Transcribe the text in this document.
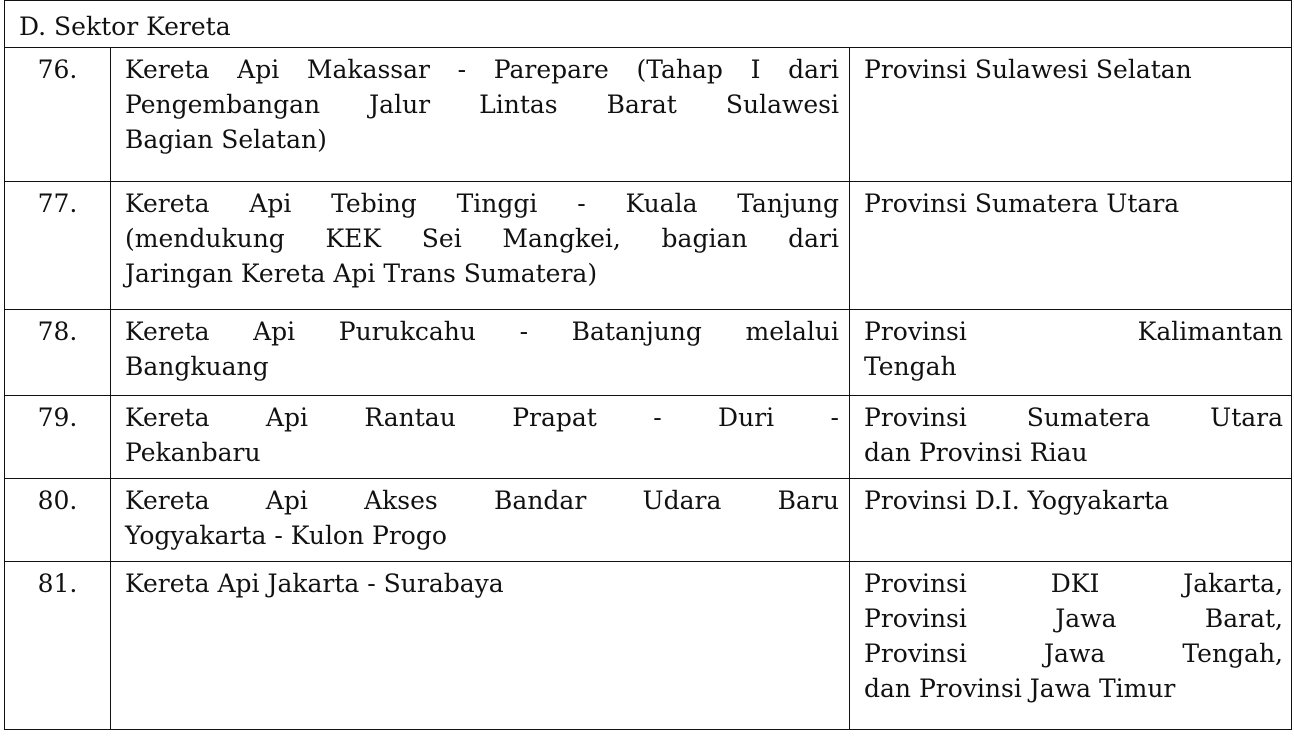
D. Sektor Kereta		
76.	Kereta Api Makassar - Parepare (Tahap I dari
Pengembangan Jalur Lintas Barat Sulawesi
Bagian Selatan)	Provinsi Sulawesi Selatan

77.	Kereta Api Tebing Tinggi - Kuala Tanjung
(mendukung KEK Sei Mangkei, bagian dari
Jaringan Kereta Api Trans Sumatera)	Provinsi Sumatera Utara

78.	Kereta Api Purukcahu - Batanjung melalui
Bangkuang	Provinsi Kalimantan
Tengah

79.	Kereta Api Rantau Prapat - Duri -
Pekanbaru	Provinsi Sumatera Utara
dan Provinsi Riau

80.	Kereta Api Akses Bandar Udara Baru
Yogyakarta - Kulon Progo	Provinsi D.I. Yogyakarta

81.	Kereta Api Jakarta - Surabaya	Provinsi DKI Jakarta,
Provinsi Jawa Barat,
Provinsi Jawa Tengah,
dan Provinsi Jawa Timur
